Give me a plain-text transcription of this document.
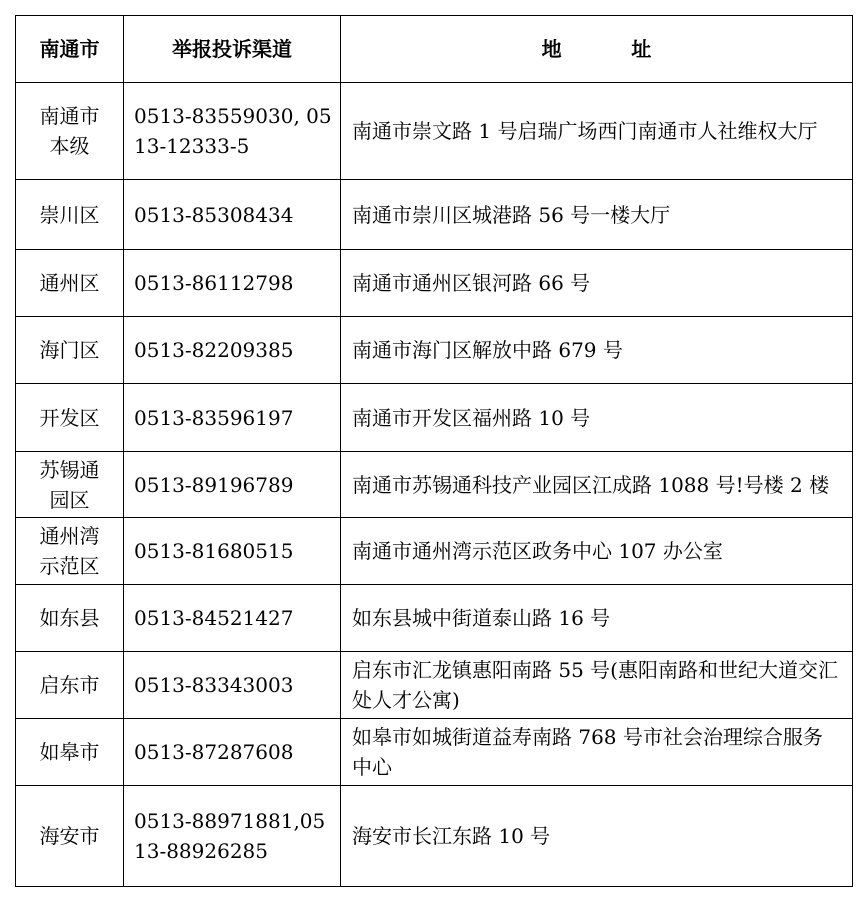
南通市	举报投诉渠道	地          址
南通市本级	0513-83559030, 0513-12333-5	南通市崇文路 1 号启瑞广场西门南通市人社维权大厅
崇川区	0513-85308434	南通市崇川区城港路 56 号一楼大厅
通州区	0513-86112798	南通市通州区银河路 66 号
海门区	0513-82209385	南通市海门区解放中路 679 号
开发区	0513-83596197	南通市开发区福州路 10 号
苏锡通园区	0513-89196789	南通市苏锡通科技产业园区江成路 1088 号!号楼 2 楼
通州湾示范区	0513-81680515	南通市通州湾示范区政务中心 107 办公室
如东县	0513-84521427	如东县城中街道泰山路 16 号
启东市	0513-83343003	启东市汇龙镇惠阳南路 55 号(惠阳南路和世纪大道交汇处人才公寓)
如皋市	0513-87287608	如皋市如城街道益寿南路 768 号市社会治理综合服务中心
海安市	0513-88971881,0513-88926285	海安市长江东路 10 号
